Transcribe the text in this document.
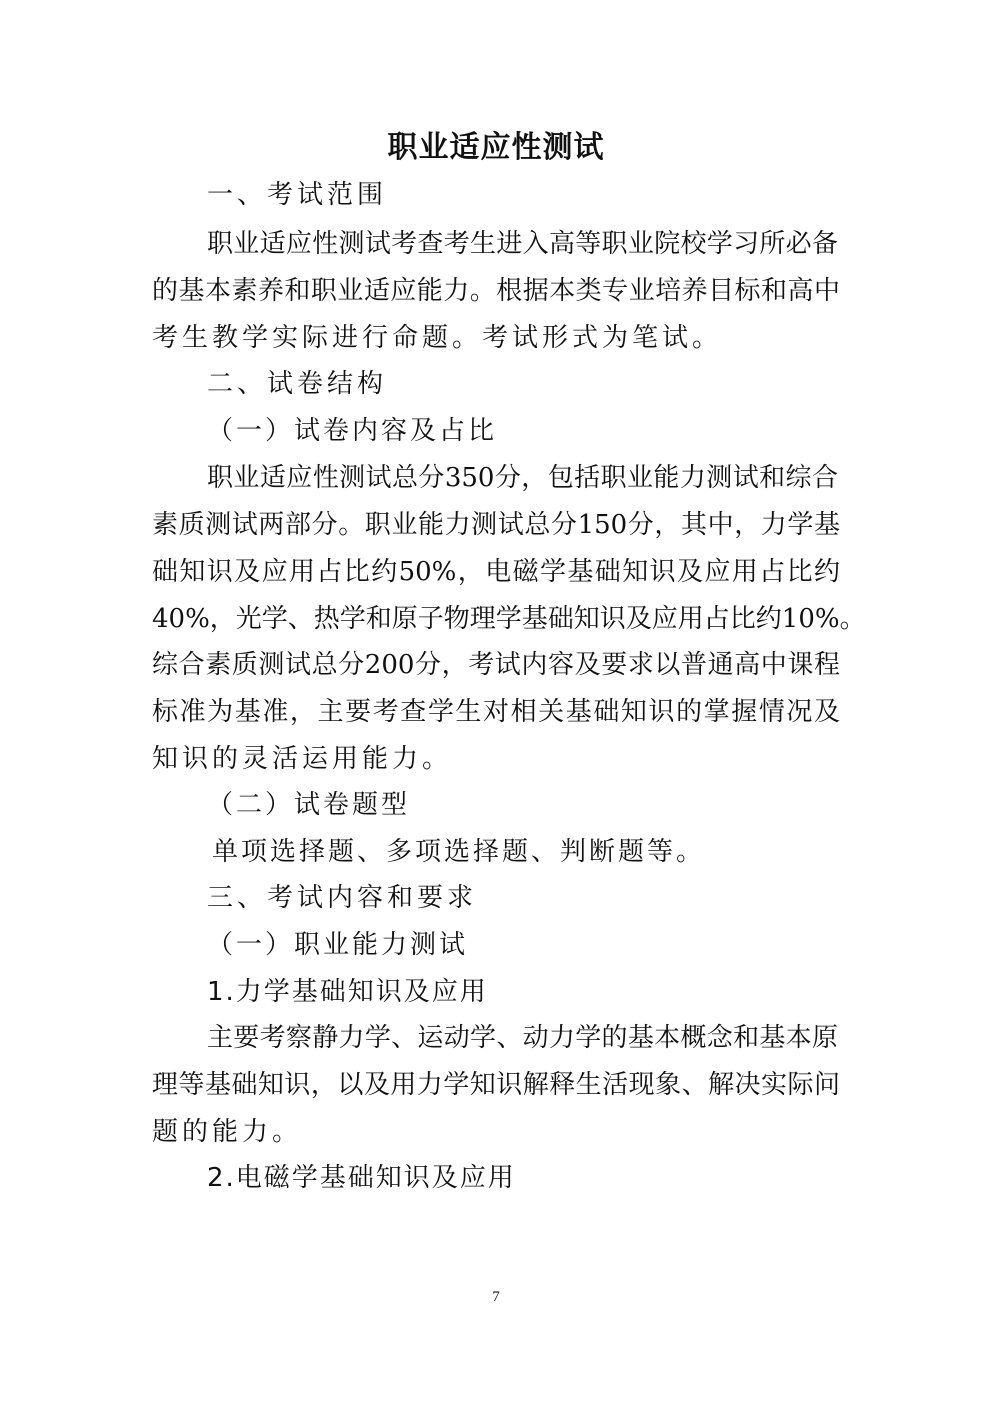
职业适应性测试

一、考试范围

职业适应性测试考查考生进入高等职业院校学习所必备

的基本素养和职业适应能力。根据本类专业培养目标和高中

考生教学实际进行命题。考试形式为笔试。

二、试卷结构

（一）试卷内容及占比

职业适应性测试总分350分，包括职业能力测试和综合

素质测试两部分。职业能力测试总分150分，其中，力学基

础知识及应用占比约50%，电磁学基础知识及应用占比约

40%，光学、热学和原子物理学基础知识及应用占比约10%。

综合素质测试总分200分，考试内容及要求以普通高中课程

标准为基准，主要考查学生对相关基础知识的掌握情况及

知识的灵活运用能力。

（二）试卷题型

单项选择题、多项选择题、判断题等。

三、考试内容和要求

（一）职业能力测试

1.力学基础知识及应用

主要考察静力学、运动学、动力学的基本概念和基本原

理等基础知识，以及用力学知识解释生活现象、解决实际问

题的能力。

2.电磁学基础知识及应用

7
